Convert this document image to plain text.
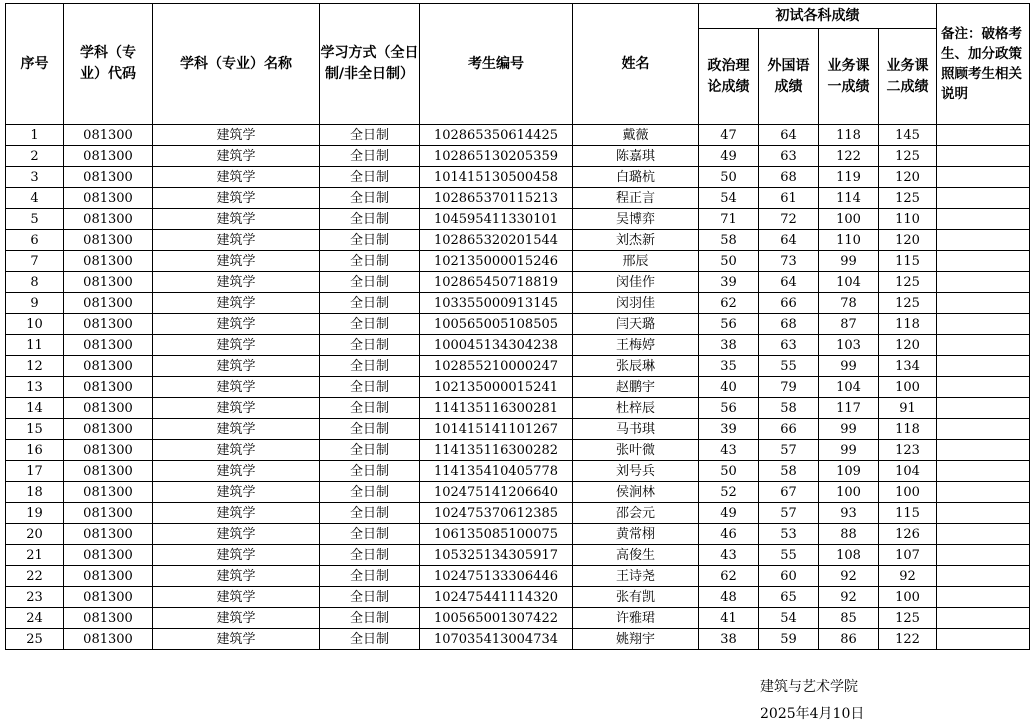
序号	学科（专业）代码	学科（专业）名称	学习方式（全日制/非全日制）	考生编号	姓名	初试各科成绩				备注：破格考生、加分政策照顾考生相关说明
						政治理论成绩	外国语成绩	业务课一成绩	业务课二成绩	
1	081300	建筑学	全日制	102865350614425	戴薇	47	64	118	145	
2	081300	建筑学	全日制	102865130205359	陈嘉琪	49	63	122	125	
3	081300	建筑学	全日制	101415130500458	白璐杭	50	68	119	120	
4	081300	建筑学	全日制	102865370115213	程正言	54	61	114	125	
5	081300	建筑学	全日制	104595411330101	吴博弈	71	72	100	110	
6	081300	建筑学	全日制	102865320201544	刘杰新	58	64	110	120	
7	081300	建筑学	全日制	102135000015246	邢辰	50	73	99	115	
8	081300	建筑学	全日制	102865450718819	闵佳作	39	64	104	125	
9	081300	建筑学	全日制	103355000913145	闵羽佳	62	66	78	125	
10	081300	建筑学	全日制	100565005108505	闫天璐	56	68	87	118	
11	081300	建筑学	全日制	100045134304238	王梅婷	38	63	103	120	
12	081300	建筑学	全日制	102855210000247	张辰琳	35	55	99	134	
13	081300	建筑学	全日制	102135000015241	赵鹏宇	40	79	104	100	
14	081300	建筑学	全日制	114135116300281	杜梓辰	56	58	117	91	
15	081300	建筑学	全日制	101415141101267	马书琪	39	66	99	118	
16	081300	建筑学	全日制	114135116300282	张叶微	43	57	99	123	
17	081300	建筑学	全日制	114135410405778	刘号兵	50	58	109	104	
18	081300	建筑学	全日制	102475141206640	侯涧林	52	67	100	100	
19	081300	建筑学	全日制	102475370612385	邵会元	49	57	93	115	
20	081300	建筑学	全日制	106135085100075	黄常栩	46	53	88	126	
21	081300	建筑学	全日制	105325134305917	高俊生	43	55	108	107	
22	081300	建筑学	全日制	102475133306446	王诗尧	62	60	92	92	
23	081300	建筑学	全日制	102475441114320	张有凯	48	65	92	100	
24	081300	建筑学	全日制	100565001307422	许雅珺	41	54	85	125	
25	081300	建筑学	全日制	107035413004734	姚翔宇	38	59	86	122	
建筑与艺术学院
2025年4月10日
